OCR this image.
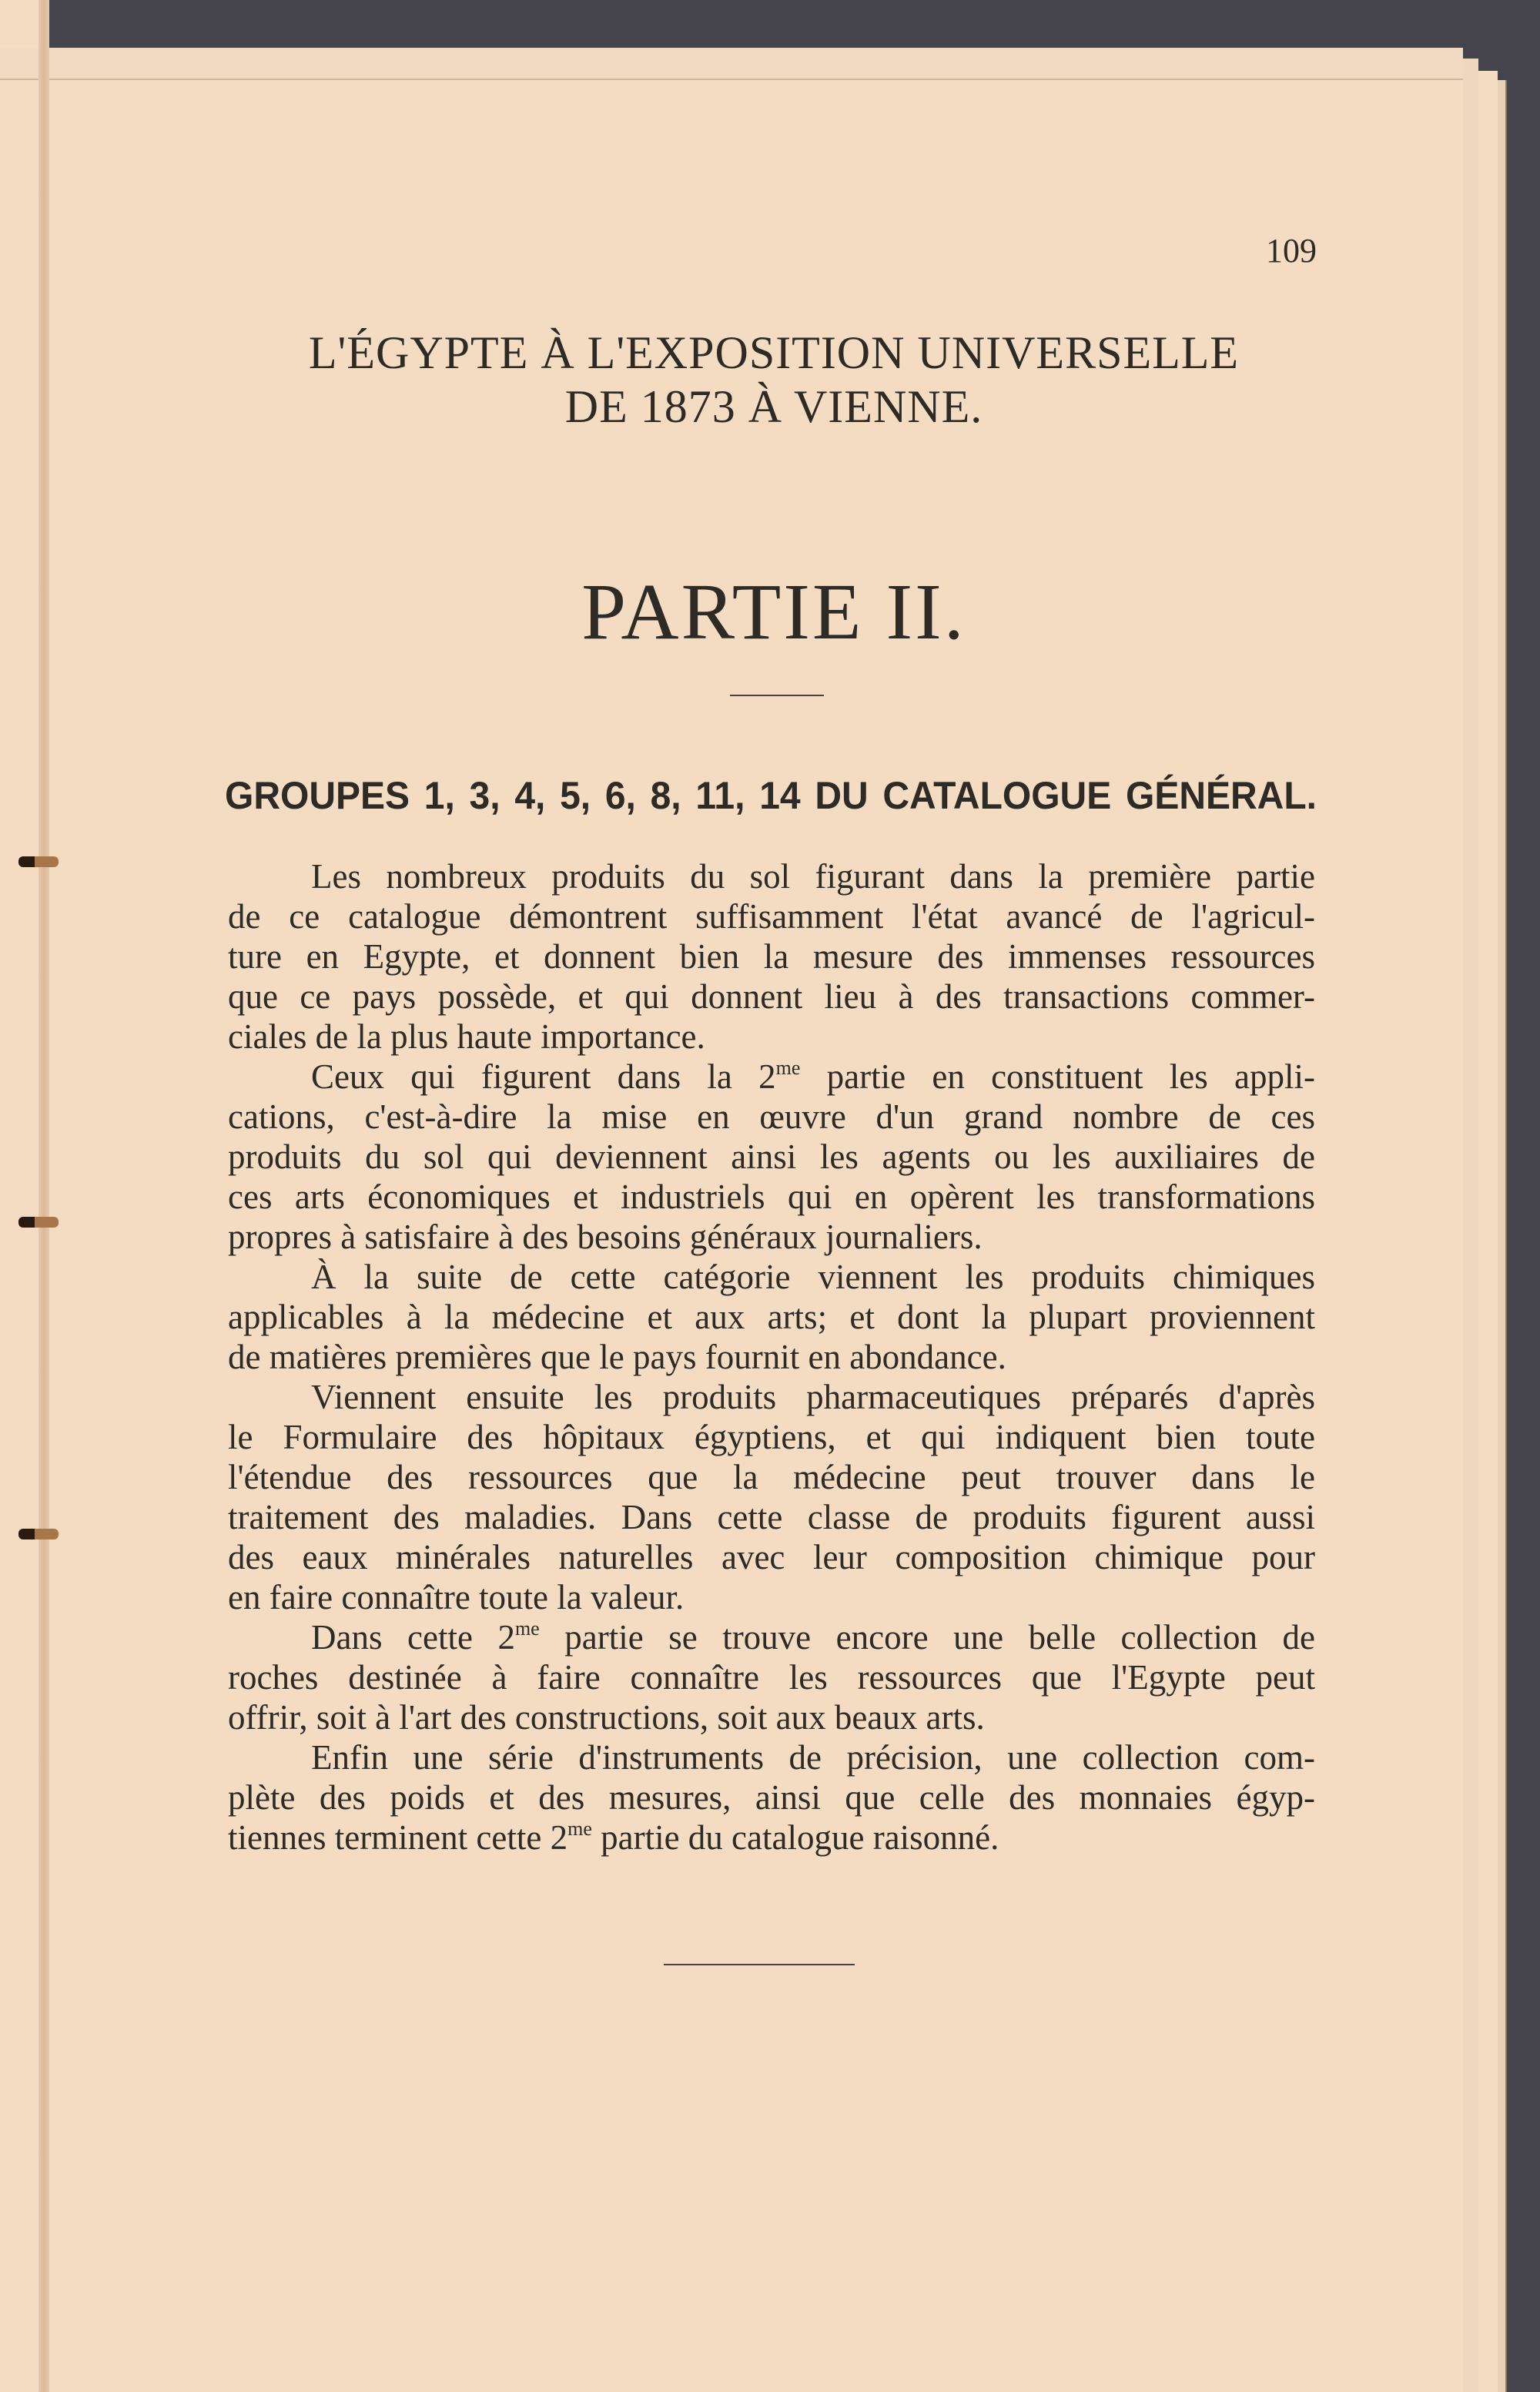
109
L'ÉGYPTE À L'EXPOSITION UNIVERSELLE
DE 1873 À VIENNE.
PARTIE II.
GROUPES 1, 3, 4, 5, 6, 8, 11, 14 DU CATALOGUE GÉNÉRAL.
Les nombreux produits du sol figurant dans la première partie
de ce catalogue démontrent suffisamment l'état avancé de l'agricul-
ture en Egypte, et donnent bien la mesure des immenses ressources
que ce pays possède, et qui donnent lieu à des transactions commer-
ciales de la plus haute importance.
Ceux qui figurent dans la $2^{me}$ partie en constituent les appli-
cations, c'est-à-dire la mise en œuvre d'un grand nombre de ces
produits du sol qui deviennent ainsi les agents ou les auxiliaires de
ces arts économiques et industriels qui en opèrent les transformations
propres à satisfaire à des besoins généraux journaliers.
À la suite de cette catégorie viennent les produits chimiques
applicables à la médecine et aux arts; et dont la plupart proviennent
de matières premières que le pays fournit en abondance.
Viennent ensuite les produits pharmaceutiques préparés d'après
le Formulaire des hôpitaux égyptiens, et qui indiquent bien toute
l'étendue des ressources que la médecine peut trouver dans le
traitement des maladies. Dans cette classe de produits figurent aussi
des eaux minérales naturelles avec leur composition chimique pour
en faire connaître toute la valeur.
Dans cette $2^{me}$ partie se trouve encore une belle collection de
roches destinée à faire connaître les ressources que l'Egypte peut
offrir, soit à l'art des constructions, soit aux beaux arts.
Enfin une série d'instruments de précision, une collection com-
plète des poids et des mesures, ainsi que celle des monnaies égyp-
tiennes terminent cette $2^{me}$ partie du catalogue raisonné.
